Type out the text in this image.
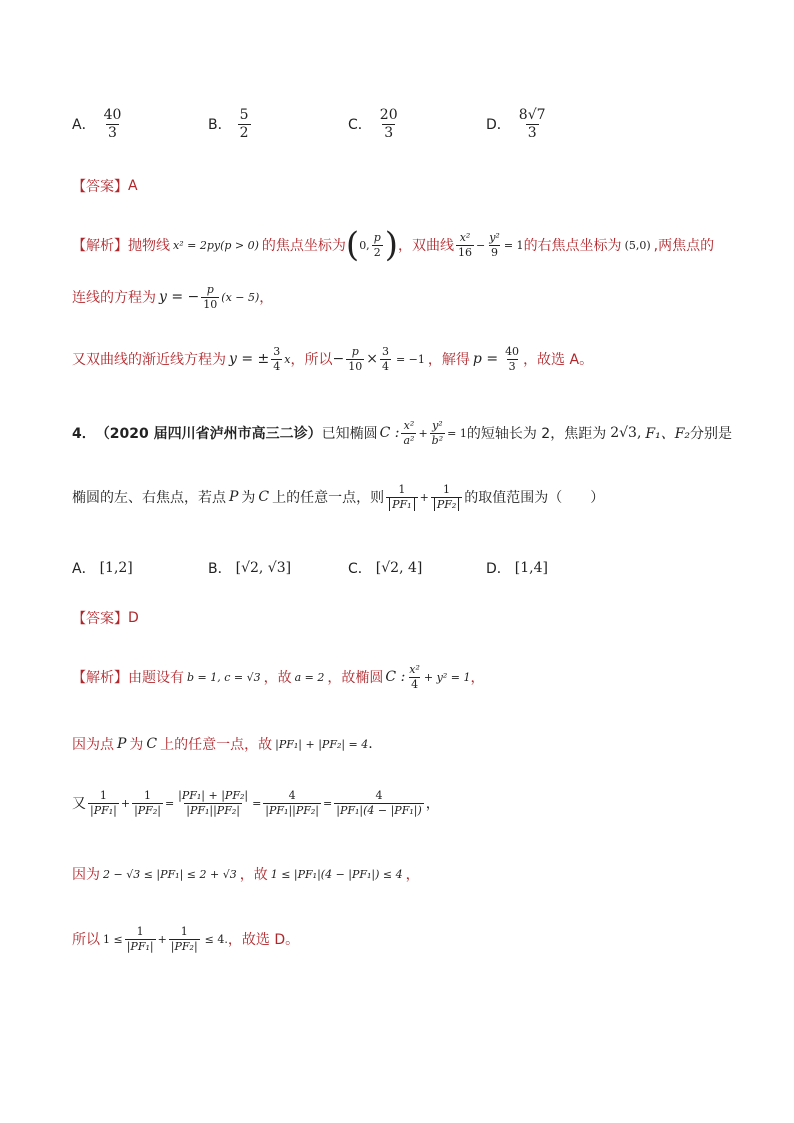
A． $\frac{40}{3}$	B． $\frac{5}{2}$	C． $\frac{20}{3}$	D． $\frac{8√7}{3}$
【答案】 A
【解析】 抛物线 x² = 2py(p > 0) 的焦点坐标为 ( 0, $\frac{p}{2}$ ) ，双曲线 $\frac{\text{x²}}{16} - \frac{\text{y²}}{9} = 1$ 的右焦点坐标为 (5,0) ,两焦点的
连线的方程为 y = − $\frac{p}{10} (x - 5)$ ，
又双曲线的渐近线方程为 y = ± $\frac{3}{4}$ x ，所以 − $\frac{p}{10} \times \frac{3}{4} = -1$ ，解得 $p = \frac{40}{3}$ ，故选 A。
4． （2020 届四川省泸州市高三二诊） 已知椭圆 C : $\frac{\text{x²}}{\text{a²}} + \frac{\text{y²}}{\text{b²}} = 1$ 的短轴长为 2，焦距为 2√3, F₁、F₂ 分别是
椭圆的左、右焦点，若点 P 为 C 上的任意一点，则 $\frac{1}{\text{PF₁}} + \frac{1}{\text{PF₂}}$ 的取值范围为（　　）
A． [1,2]	B． [√2, √3]	C． [√2, 4]	D． [1,4]
【答案】 D
【解析】 由题设有 b = 1, c = √3 ，故 a = 2 ，故椭圆 C : $\frac{\text{x²}}{4} + y^2 = 1$ ，
因为点 P 为 C 上的任意一点，故 |PF₁| + |PF₂| = 4 .
又 $\frac{1}{\text{|PF₁|}} + \frac{1}{\text{|PF₂|}} = \frac{\text{|PF₁| + |PF₂|}}{\text{|PF₁||PF₂|}} = \frac{4}{\text{|PF₁||PF₂|}} = \frac{4}{\text{|PF₁|(4 − |PF₁|)}}$ ，
因为 2 − √3 ≤ |PF₁| ≤ 2 + √3 ，故 1 ≤ |PF₁|(4 − |PF₁|) ≤ 4 ，
所以 $1 \le \frac{1}{\text{|PF₁|}} + \frac{1}{\text{|PF₂|}} \le 4$. ，故选 D。
